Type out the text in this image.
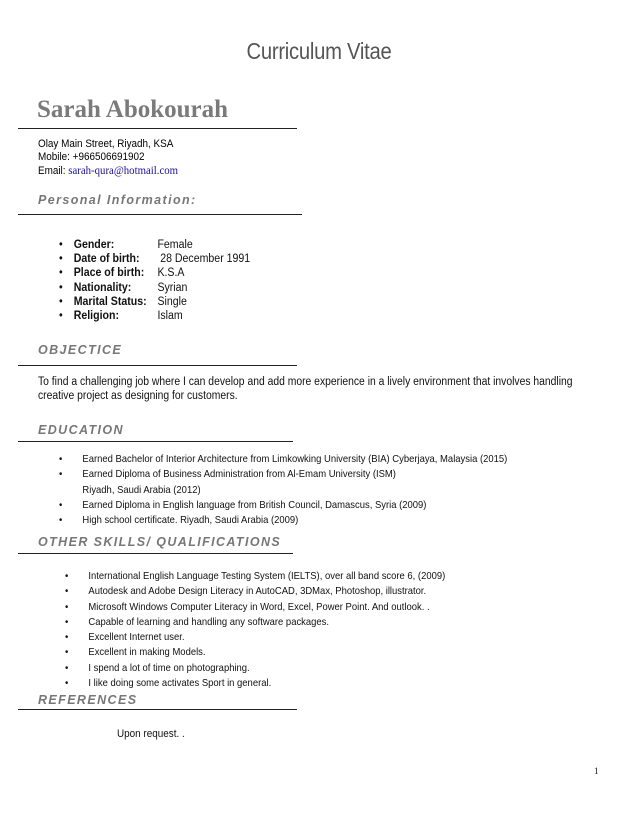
Curriculum Vitae
Sarah Abokourah
Olay Main Street, Riyadh, KSA
Mobile: +966506691902
Email: sarah-qura@hotmail.com
Personal Information:
• Gender:	Female
• Date of birth: 28 December 1991
• Place of birth: K.S.A
• Nationality: Syrian
• Marital Status: Single
• Religion:	Islam
OBJECTICE
To find a challenging job where I can develop and add more experience in a lively environment that involves handling creative project as designing for customers.
EDUCATION
• Earned Bachelor of Interior Architecture from Limkowking University (BIA) Cyberjaya, Malaysia (2015)
• Earned Diploma of Business Administration from Al-Emam University (ISM)
Riyadh, Saudi Arabia (2012)
• Earned Diploma in English language from British Council, Damascus, Syria (2009)
• High school certificate. Riyadh, Saudi Arabia (2009)
OTHER SKILLS/ QUALIFICATIONS
• International English Language Testing System (IELTS), over all band score 6, (2009)
• Autodesk and Adobe Design Literacy in AutoCAD, 3DMax, Photoshop, illustrator.
• Microsoft Windows Computer Literacy in Word, Excel, Power Point. And outlook. .
• Capable of learning and handling any software packages.
• Excellent Internet user.
• Excellent in making Models.
• I spend a lot of time on photographing.
• I like doing some activates Sport in general.
REFERENCES
Upon request. .
1
